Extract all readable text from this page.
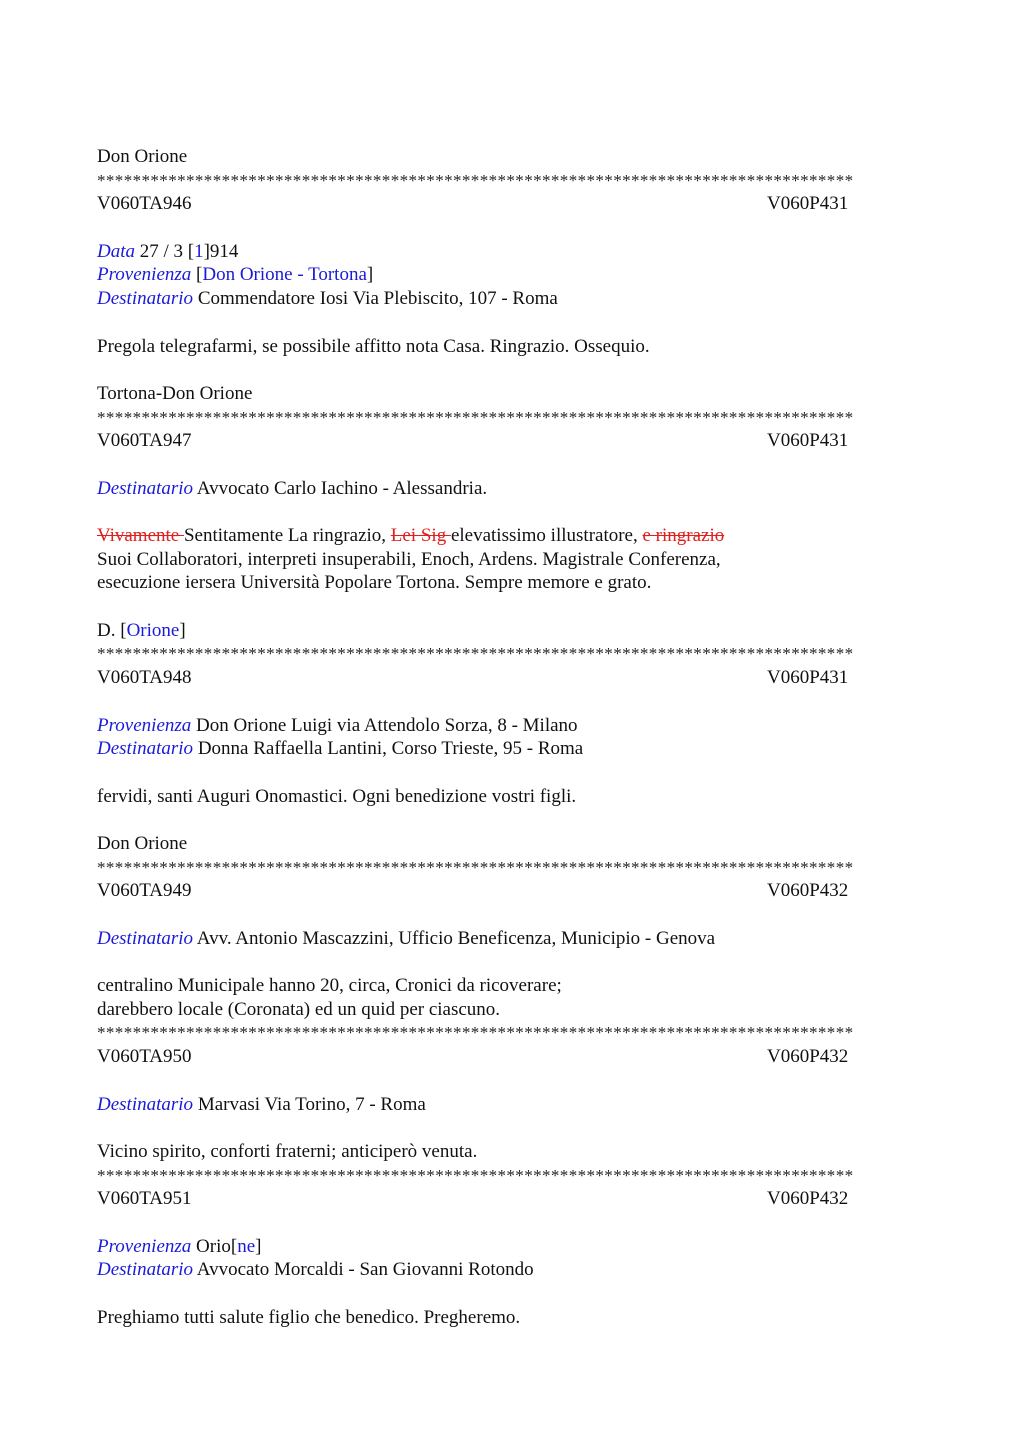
Don Orione
*************************************************************************************
V060TA946	V060P431
Data 27 / 3 [1]914
Provenienza [Don Orione - Tortona]
Destinatario Commendatore Iosi Via Plebiscito, 107 - Roma
Pregola telegrafarmi, se possibile affitto nota Casa. Ringrazio. Ossequio.
Tortona-Don Orione
*************************************************************************************
V060TA947	V060P431
Destinatario Avvocato Carlo Iachino - Alessandria.
Vivamente Sentitamente La ringrazio, Lei Sig elevatissimo illustratore, e ringrazio
Suoi Collaboratori, interpreti insuperabili, Enoch, Ardens. Magistrale Conferenza,
esecuzione iersera Università Popolare Tortona. Sempre memore e grato.
D. [Orione]
*************************************************************************************
V060TA948	V060P431
Provenienza Don Orione Luigi via Attendolo Sorza, 8 - Milano
Destinatario Donna Raffaella Lantini, Corso Trieste, 95 - Roma
fervidi, santi Auguri Onomastici. Ogni benedizione vostri figli.
Don Orione
*************************************************************************************
V060TA949	V060P432
Destinatario Avv. Antonio Mascazzini, Ufficio Beneficenza, Municipio - Genova
centralino Municipale hanno 20, circa, Cronici da ricoverare;
darebbero locale (Coronata) ed un quid per ciascuno.
*************************************************************************************
V060TA950	V060P432
Destinatario Marvasi Via Torino, 7 - Roma
Vicino spirito, conforti fraterni; anticiperò venuta.
*************************************************************************************
V060TA951	V060P432
Provenienza Orio[ne]
Destinatario Avvocato Morcaldi - San Giovanni Rotondo
Preghiamo tutti salute figlio che benedico. Pregheremo.
